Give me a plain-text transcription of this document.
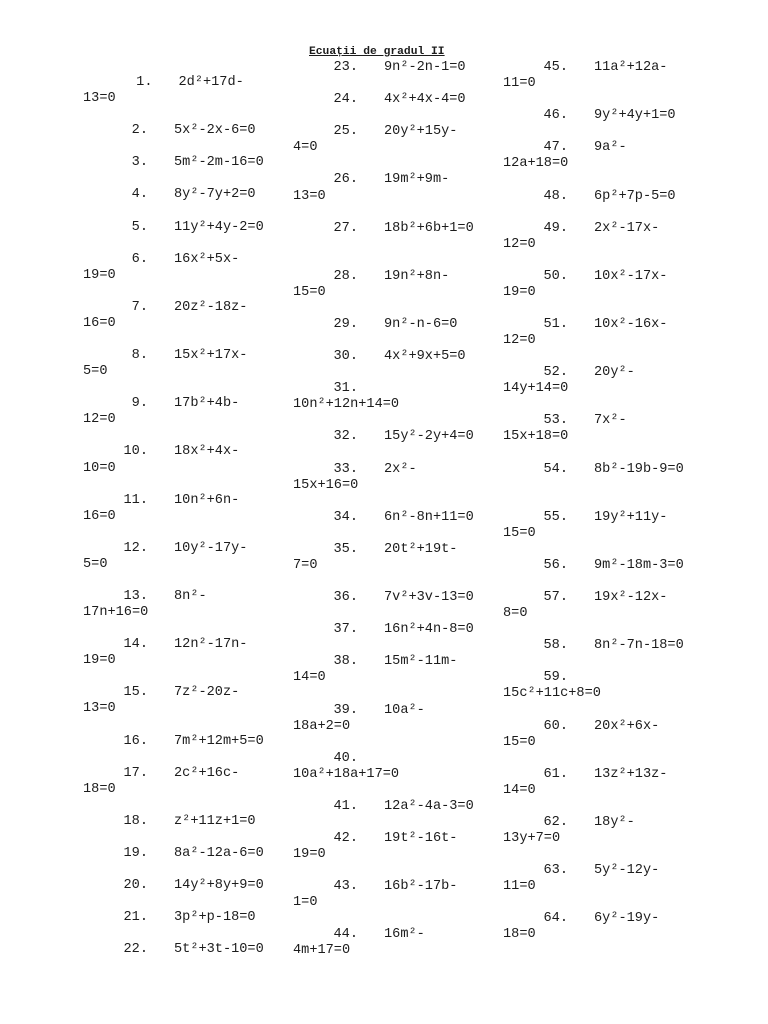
Ecuații de gradul II
1. 2d²+17d-
13=0
2. 5x²-2x-6=0
3. 5m²-2m-16=0
4. 8y²-7y+2=0
5. 11y²+4y-2=0
6. 16x²+5x-
19=0
7. 20z²-18z-
16=0
8. 15x²+17x-
5=0
9. 17b²+4b-
12=0
10. 18x²+4x-
10=0
11. 10n²+6n-
16=0
12. 10y²-17y-
5=0
13. 8n²-
17n+16=0
14. 12n²-17n-
19=0
15. 7z²-20z-
13=0
16. 7m²+12m+5=0
17. 2c²+16c-
18=0
18. z²+11z+1=0
19. 8a²-12a-6=0
20. 14y²+8y+9=0
21. 3p²+p-18=0
22. 5t²+3t-10=0
23. 9n²-2n-1=0
24. 4x²+4x-4=0
25. 20y²+15y-
4=0
26. 19m²+9m-
13=0
27. 18b²+6b+1=0
28. 19n²+8n-
15=0
29. 9n²-n-6=0
30. 4x²+9x+5=0
31.
10n²+12n+14=0
32. 15y²-2y+4=0
33. 2x²-
15x+16=0
34. 6n²-8n+11=0
35. 20t²+19t-
7=0
36. 7v²+3v-13=0
37. 16n²+4n-8=0
38. 15m²-11m-
14=0
39. 10a²-
18a+2=0
40.
10a²+18a+17=0
41. 12a²-4a-3=0
42. 19t²-16t-
19=0
43. 16b²-17b-
1=0
44. 16m²-
4m+17=0
45. 11a²+12a-
11=0
46. 9y²+4y+1=0
47. 9a²-
12a+18=0
48. 6p²+7p-5=0
49. 2x²-17x-
12=0
50. 10x²-17x-
19=0
51. 10x²-16x-
12=0
52. 20y²-
14y+14=0
53. 7x²-
15x+18=0
54. 8b²-19b-9=0
55. 19y²+11y-
15=0
56. 9m²-18m-3=0
57. 19x²-12x-
8=0
58. 8n²-7n-18=0
59.
15c²+11c+8=0
60. 20x²+6x-
15=0
61. 13z²+13z-
14=0
62. 18y²-
13y+7=0
63. 5y²-12y-
11=0
64. 6y²-19y-
18=0
